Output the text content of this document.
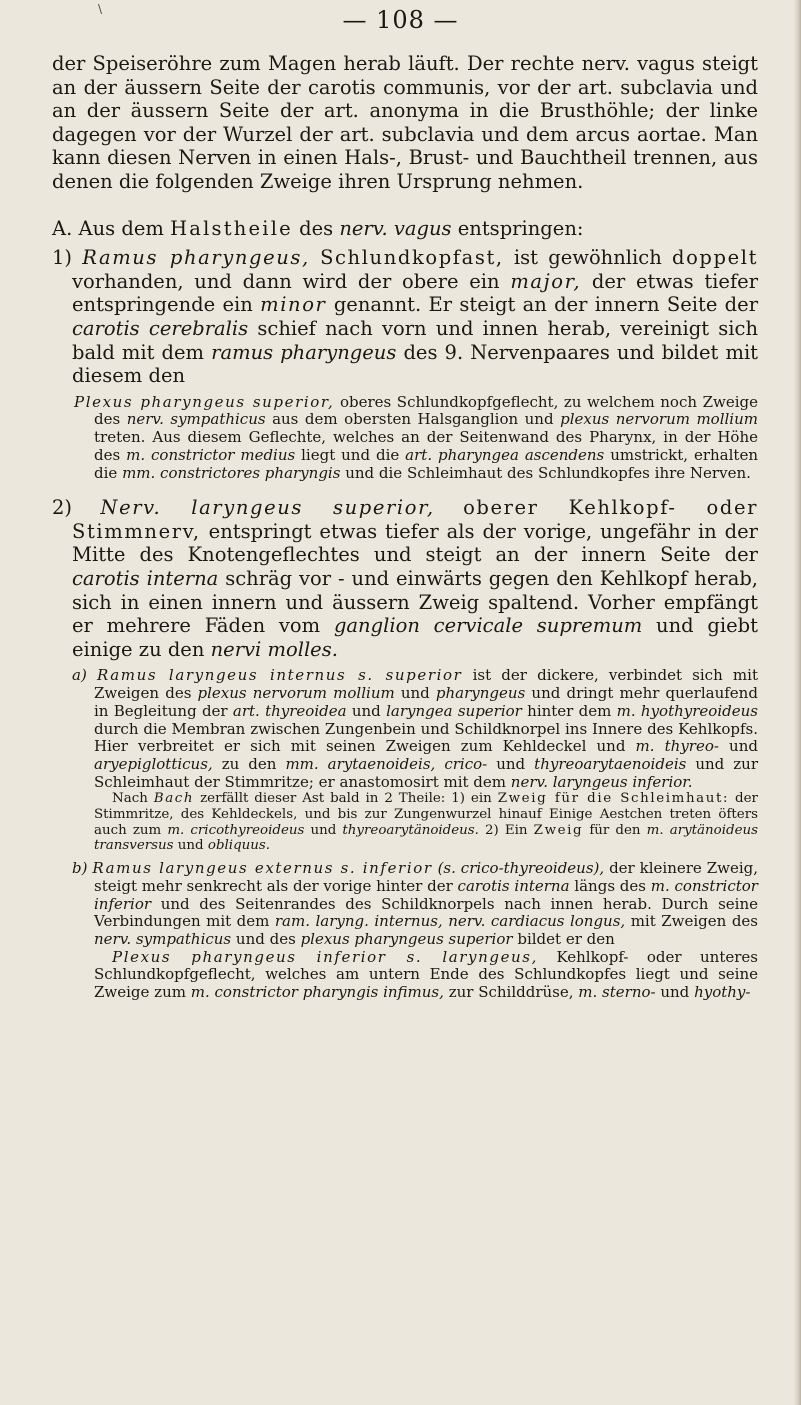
\	— 108 —

der Speiseröhre zum Magen herab läuft. Der rechte nerv. vagus steigt an der äussern Seite der carotis communis, vor der art. subclavia und an der äussern Seite der art. anonyma in die Brusthöhle; der linke dagegen vor der Wurzel der art. subclavia und dem arcus aortae. Man kann diesen Nerven in einen Hals-, Brust- und Bauchtheil trennen, aus denen die folgenden Zweige ihren Ursprung nehmen.

A. Aus dem Halstheile des nerv. vagus entspringen:

1) Ramus pharyngeus, Schlundkopfast, ist gewöhnlich doppelt vorhanden, und dann wird der obere ein major, der etwas tiefer entspringende ein minor genannt. Er steigt an der innern Seite der carotis cerebralis schief nach vorn und innen herab, vereinigt sich bald mit dem ramus pharyngeus des 9. Nervenpaares und bildet mit diesem den

Plexus pharyngeus superior, oberes Schlundkopfgeflecht, zu welchem noch Zweige des nerv. sympathicus aus dem obersten Halsganglion und plexus nervorum mollium treten. Aus diesem Geflechte, welches an der Seitenwand des Pharynx, in der Höhe des m. constrictor medius liegt und die art. pharyngea ascendens umstrickt, erhalten die mm. constrictores pharyngis und die Schleimhaut des Schlundkopfes ihre Nerven.

2) Nerv. laryngeus superior, oberer Kehlkopf- oder Stimmnerv, entspringt etwas tiefer als der vorige, ungefähr in der Mitte des Knotengeflechtes und steigt an der innern Seite der carotis interna schräg vor - und einwärts gegen den Kehlkopf herab, sich in einen innern und äussern Zweig spaltend. Vorher empfängt er mehrere Fäden vom ganglion cervicale supremum und giebt einige zu den nervi molles.

a) Ramus laryngeus internus s. superior ist der dickere, verbindet sich mit Zweigen des plexus nervorum mollium und pharyngeus und dringt mehr querlaufend in Begleitung der art. thyreoidea und laryngea superior hinter dem m. hyothyreoideus durch die Membran zwischen Zungenbein und Schildknorpel ins Innere des Kehlkopfs. Hier verbreitet er sich mit seinen Zweigen zum Kehldeckel und m. thyreo- und aryepiglotticus, zu den mm. arytaenoideis, crico- und thyreoarytaenoideis und zur Schleimhaut der Stimmritze; er anastomosirt mit dem nerv. laryngeus inferior.

Nach Bach zerfällt dieser Ast bald in 2 Theile: 1) ein Zweig für die Schleimhaut: der Stimmritze, des Kehldeckels, und bis zur Zungenwurzel hinauf Einige Aestchen treten öfters auch zum m. cricothyreoideus und thyreoarytänoideus. 2) Ein Zweig für den m. arytänoideus transversus und obliquus.

b) Ramus laryngeus externus s. inferior (s. crico-thyreoideus), der kleinere Zweig, steigt mehr senkrecht als der vorige hinter der carotis interna längs des m. constrictor inferior und des Seitenrandes des Schildknorpels nach innen herab. Durch seine Verbindungen mit dem ram. laryng. internus, nerv. cardiacus longus, mit Zweigen des nerv. sympathicus und des plexus pharyngeus superior bildet er den

Plexus pharyngeus inferior s. laryngeus, Kehlkopf- oder unteres Schlundkopfgeflecht, welches am untern Ende des Schlundkopfes liegt und seine Zweige zum m. constrictor pharyngis infimus, zur Schilddrüse, m. sterno- und hyothy-
